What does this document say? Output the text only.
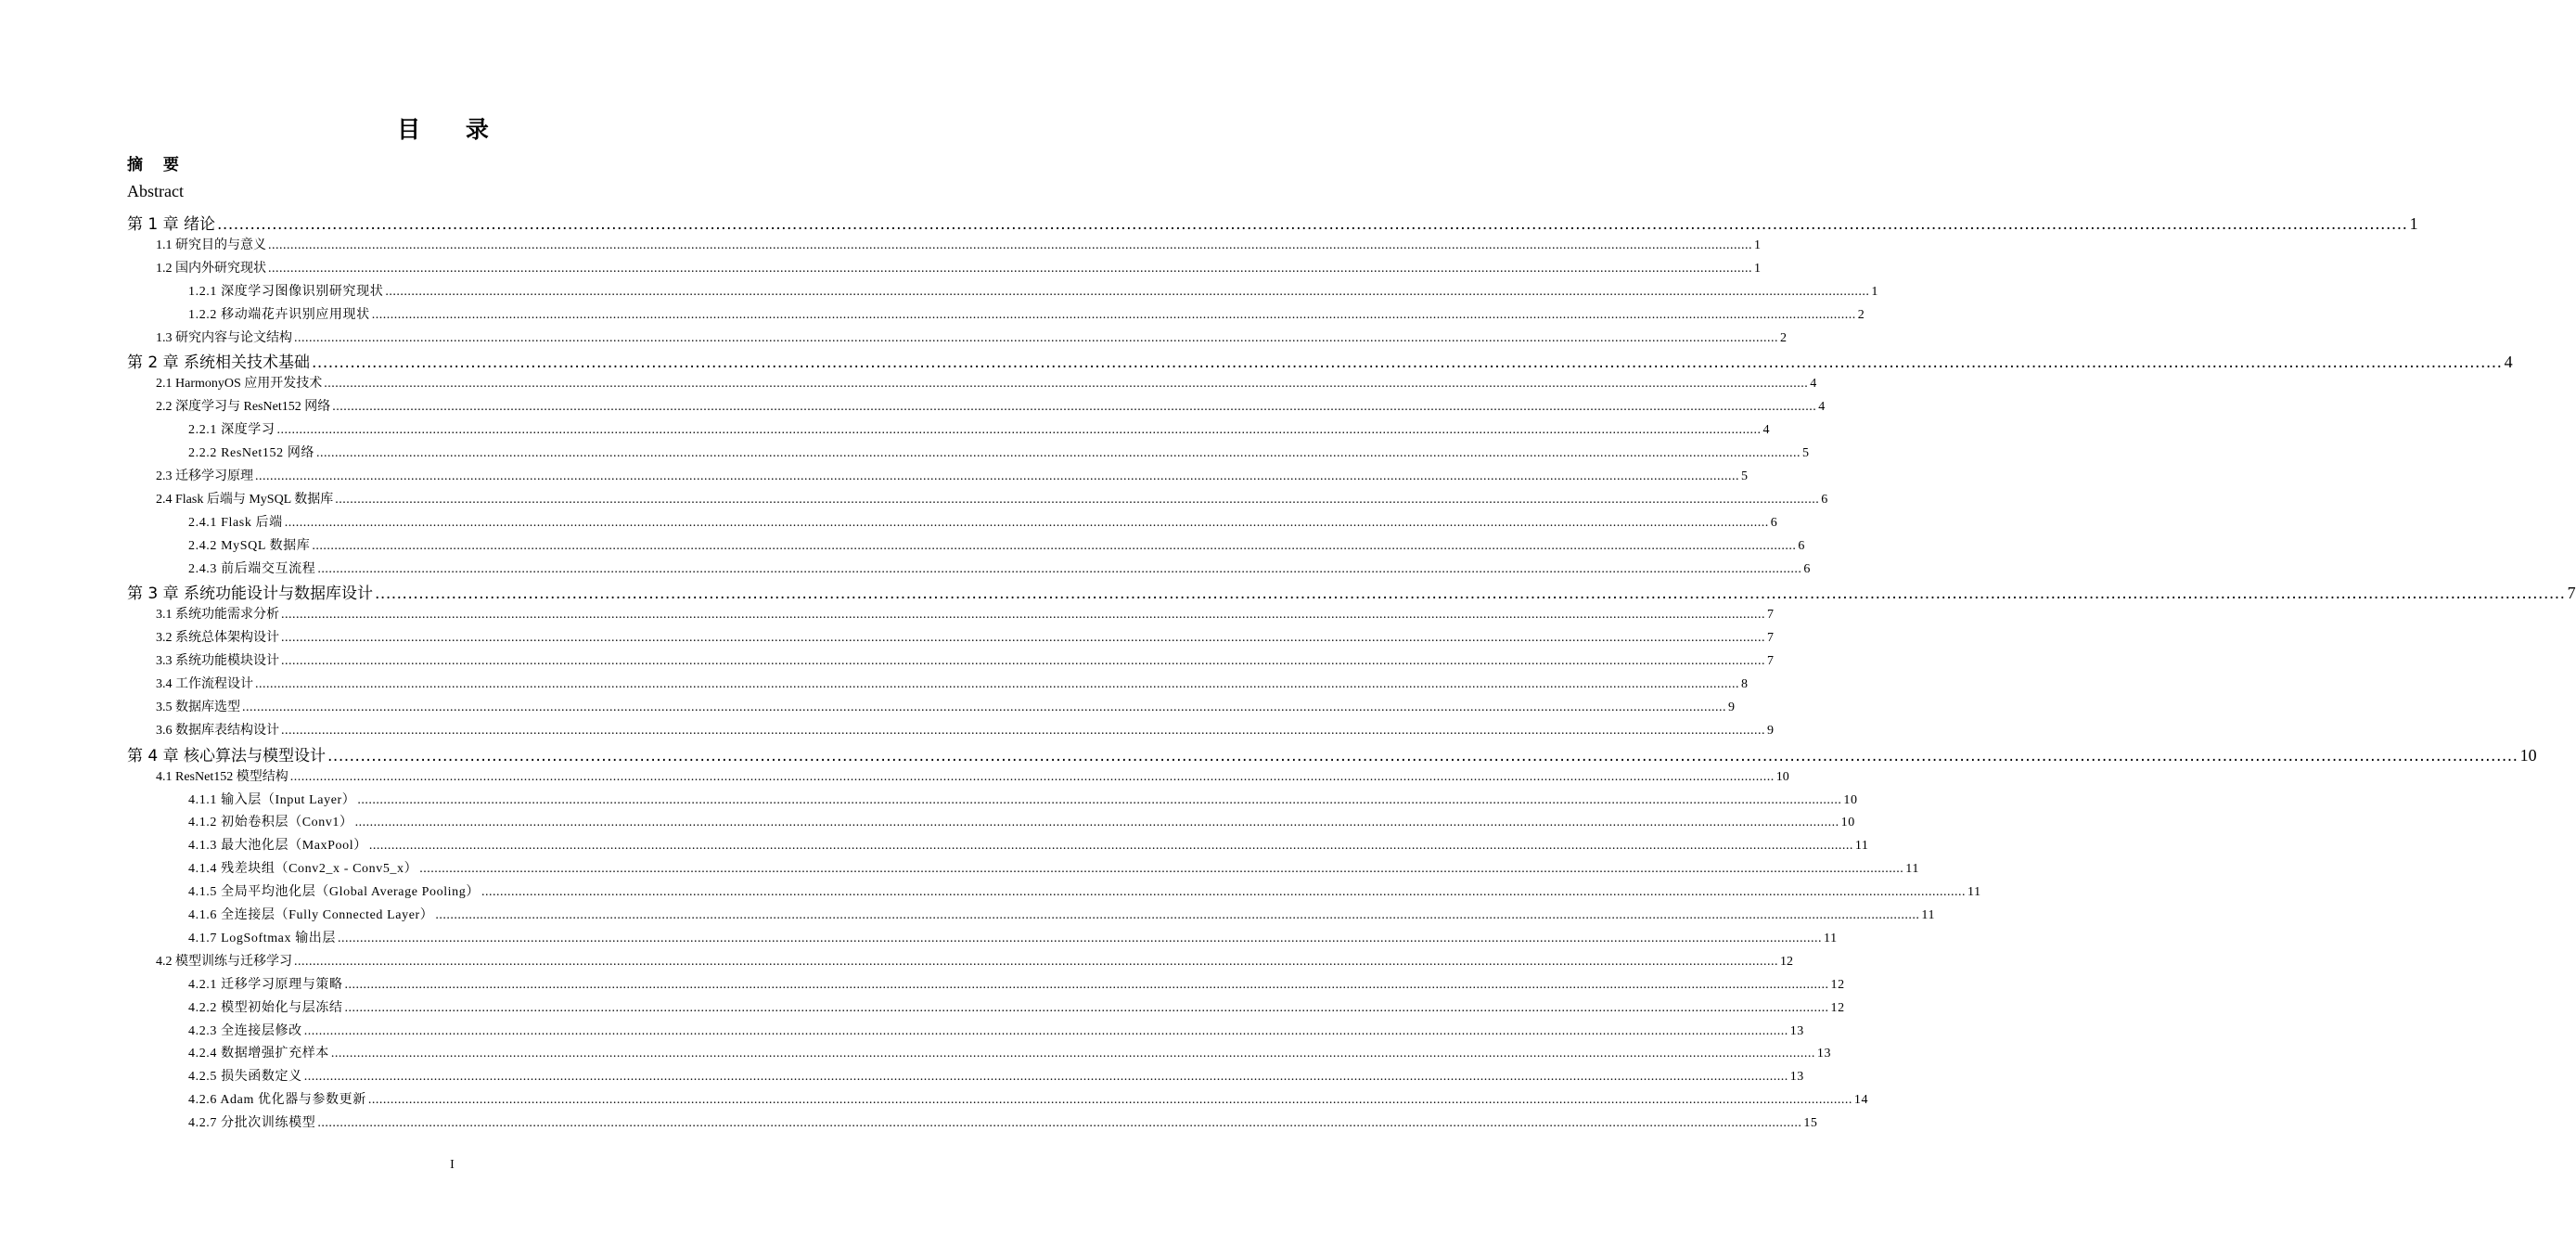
目 录
摘 要
Abstract
第 1 章 绪论 ................................................................................................................................................................................................................................................................................................................................................................................................................ 1
1.1 研究目的与意义 ................................................................................................................................................................................................................................................................................................................................................................................................................ 1
1.2 国内外研究现状 ................................................................................................................................................................................................................................................................................................................................................................................................................ 1
1.2.1 深度学习图像识别研究现状 ................................................................................................................................................................................................................................................................................................................................................................................................................ 1
1.2.2 移动端花卉识别应用现状 ................................................................................................................................................................................................................................................................................................................................................................................................................ 2
1.3 研究内容与论文结构 ................................................................................................................................................................................................................................................................................................................................................................................................................ 2
第 2 章 系统相关技术基础 ................................................................................................................................................................................................................................................................................................................................................................................................................ 4
2.1 HarmonyOS 应用开发技术 ................................................................................................................................................................................................................................................................................................................................................................................................................ 4
2.2 深度学习与 ResNet152 网络 ................................................................................................................................................................................................................................................................................................................................................................................................................ 4
2.2.1 深度学习 ................................................................................................................................................................................................................................................................................................................................................................................................................ 4
2.2.2 ResNet152 网络 ................................................................................................................................................................................................................................................................................................................................................................................................................ 5
2.3 迁移学习原理 ................................................................................................................................................................................................................................................................................................................................................................................................................ 5
2.4 Flask 后端与 MySQL 数据库 ................................................................................................................................................................................................................................................................................................................................................................................................................ 6
2.4.1 Flask 后端 ................................................................................................................................................................................................................................................................................................................................................................................................................ 6
2.4.2 MySQL 数据库 ................................................................................................................................................................................................................................................................................................................................................................................................................ 6
2.4.3 前后端交互流程 ................................................................................................................................................................................................................................................................................................................................................................................................................ 6
第 3 章 系统功能设计与数据库设计 ................................................................................................................................................................................................................................................................................................................................................................................................................ 7
3.1 系统功能需求分析 ................................................................................................................................................................................................................................................................................................................................................................................................................ 7
3.2 系统总体架构设计 ................................................................................................................................................................................................................................................................................................................................................................................................................ 7
3.3 系统功能模块设计 ................................................................................................................................................................................................................................................................................................................................................................................................................ 7
3.4 工作流程设计 ................................................................................................................................................................................................................................................................................................................................................................................................................ 8
3.5 数据库选型 ................................................................................................................................................................................................................................................................................................................................................................................................................ 9
3.6 数据库表结构设计 ................................................................................................................................................................................................................................................................................................................................................................................................................ 9
第 4 章 核心算法与模型设计 ................................................................................................................................................................................................................................................................................................................................................................................................................ 10
4.1 ResNet152 模型结构 ................................................................................................................................................................................................................................................................................................................................................................................................................ 10
4.1.1 输入层（Input Layer） ................................................................................................................................................................................................................................................................................................................................................................................................................ 10
4.1.2 初始卷积层（Conv1） ................................................................................................................................................................................................................................................................................................................................................................................................................ 10
4.1.3 最大池化层（MaxPool） ................................................................................................................................................................................................................................................................................................................................................................................................................ 11
4.1.4 残差块组（Conv2_x - Conv5_x） ................................................................................................................................................................................................................................................................................................................................................................................................................ 11
4.1.5 全局平均池化层（Global Average Pooling） ................................................................................................................................................................................................................................................................................................................................................................................................................ 11
4.1.6 全连接层（Fully Connected Layer） ................................................................................................................................................................................................................................................................................................................................................................................................................ 11
4.1.7 LogSoftmax 输出层 ................................................................................................................................................................................................................................................................................................................................................................................................................ 11
4.2 模型训练与迁移学习 ................................................................................................................................................................................................................................................................................................................................................................................................................ 12
4.2.1 迁移学习原理与策略 ................................................................................................................................................................................................................................................................................................................................................................................................................ 12
4.2.2 模型初始化与层冻结 ................................................................................................................................................................................................................................................................................................................................................................................................................ 12
4.2.3 全连接层修改 ................................................................................................................................................................................................................................................................................................................................................................................................................ 13
4.2.4 数据增强扩充样本 ................................................................................................................................................................................................................................................................................................................................................................................................................ 13
4.2.5 损失函数定义 ................................................................................................................................................................................................................................................................................................................................................................................................................ 13
4.2.6 Adam 优化器与参数更新 ................................................................................................................................................................................................................................................................................................................................................................................................................ 14
4.2.7 分批次训练模型 ................................................................................................................................................................................................................................................................................................................................................................................................................ 15
I
